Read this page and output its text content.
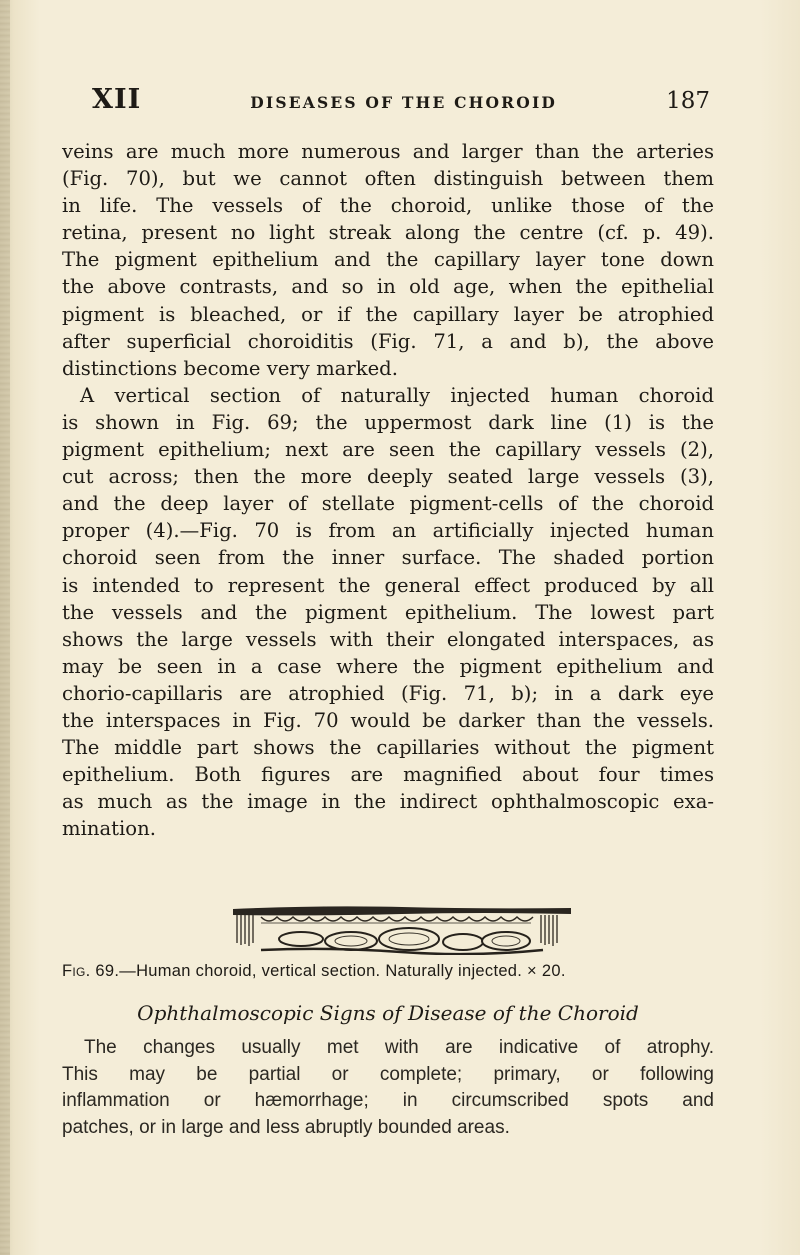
XII	DISEASES OF THE CHOROID	187

veins are much more numerous and larger than the arteries

(Fig. 70), but we cannot often distinguish between them

in life. The vessels of the choroid, unlike those of the

retina, present no light streak along the centre (cf. p. 49).

The pigment epithelium and the capillary layer tone down

the above contrasts, and so in old age, when the epithelial

pigment is bleached, or if the capillary layer be atrophied

after superficial choroiditis (Fig. 71, a and b), the above

distinctions become very marked.

A vertical section of naturally injected human choroid

is shown in Fig. 69; the uppermost dark line (1) is the

pigment epithelium; next are seen the capillary vessels (2),

cut across; then the more deeply seated large vessels (3),

and the deep layer of stellate pigment-cells of the choroid

proper (4).—Fig. 70 is from an artificially injected human

choroid seen from the inner surface. The shaded portion

is intended to represent the general effect produced by all

the vessels and the pigment epithelium. The lowest part

shows the large vessels with their elongated interspaces, as

may be seen in a case where the pigment epithelium and

chorio-capillaris are atrophied (Fig. 71, b); in a dark eye

the interspaces in Fig. 70 would be darker than the vessels.

The middle part shows the capillaries without the pigment

epithelium. Both figures are magnified about four times

as much as the image in the indirect ophthalmoscopic exa-

mination.

Fig. 69.—Human choroid, vertical section. Naturally injected. × 20.
Ophthalmoscopic Signs of Disease of the Choroid

The changes usually met with are indicative of atrophy.

This may be partial or complete; primary, or following

inflammation or hæmorrhage; in circumscribed spots and

patches, or in large and less abruptly bounded areas.
